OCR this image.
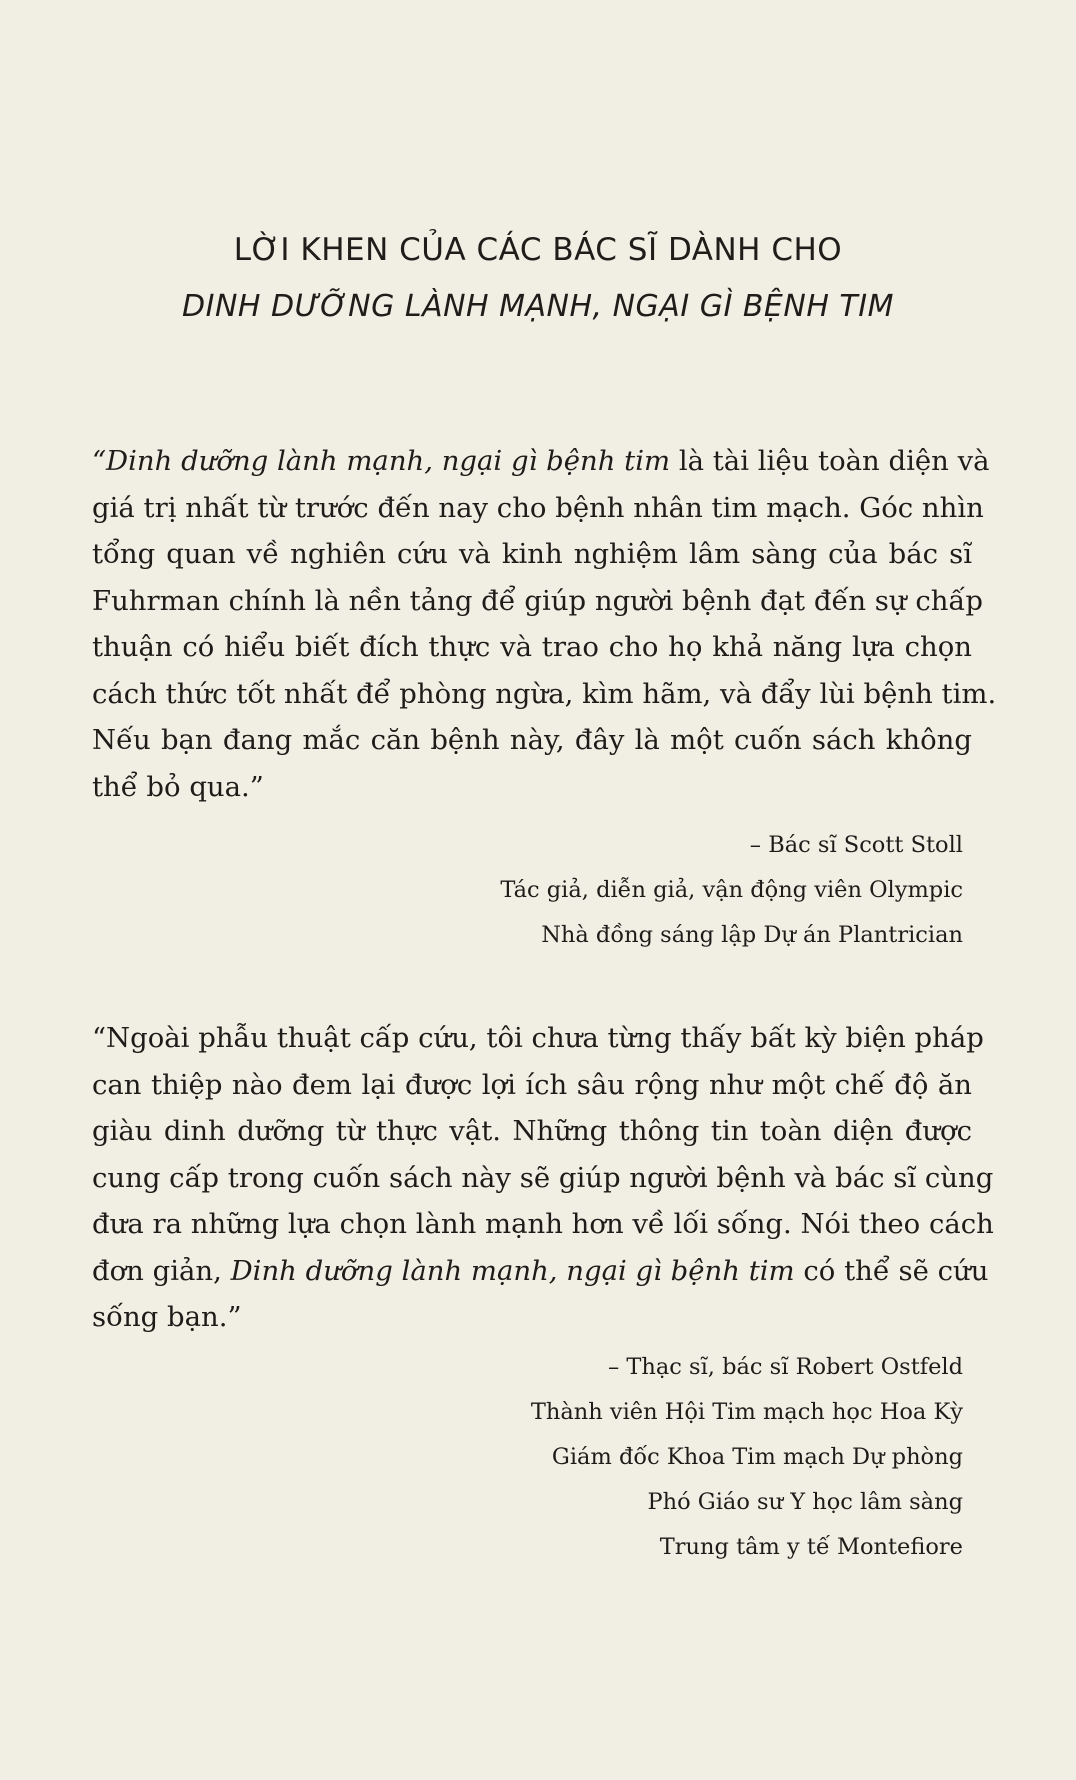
LỜI KHEN CỦA CÁC BÁC SĨ DÀNH CHO
DINH DƯỠNG LÀNH MẠNH, NGẠI GÌ BỆNH TIM
“Dinh dưỡng lành mạnh, ngại gì bệnh tim là tài liệu toàn diện và
giá trị nhất từ trước đến nay cho bệnh nhân tim mạch. Góc nhìn
tổng quan về nghiên cứu và kinh nghiệm lâm sàng của bác sĩ
Fuhrman chính là nền tảng để giúp người bệnh đạt đến sự chấp
thuận có hiểu biết đích thực và trao cho họ khả năng lựa chọn
cách thức tốt nhất để phòng ngừa, kìm hãm, và đẩy lùi bệnh tim.
Nếu bạn đang mắc căn bệnh này, đây là một cuốn sách không
thể bỏ qua.”
– Bác sĩ Scott Stoll
Tác giả, diễn giả, vận động viên Olympic
Nhà đồng sáng lập Dự án Plantrician
“Ngoài phẫu thuật cấp cứu, tôi chưa từng thấy bất kỳ biện pháp
can thiệp nào đem lại được lợi ích sâu rộng như một chế độ ăn
giàu dinh dưỡng từ thực vật. Những thông tin toàn diện được
cung cấp trong cuốn sách này sẽ giúp người bệnh và bác sĩ cùng
đưa ra những lựa chọn lành mạnh hơn về lối sống. Nói theo cách
đơn giản, Dinh dưỡng lành mạnh, ngại gì bệnh tim có thể sẽ cứu
sống bạn.”
– Thạc sĩ, bác sĩ Robert Ostfeld
Thành viên Hội Tim mạch học Hoa Kỳ
Giám đốc Khoa Tim mạch Dự phòng
Phó Giáo sư Y học lâm sàng
Trung tâm y tế Montefiore
